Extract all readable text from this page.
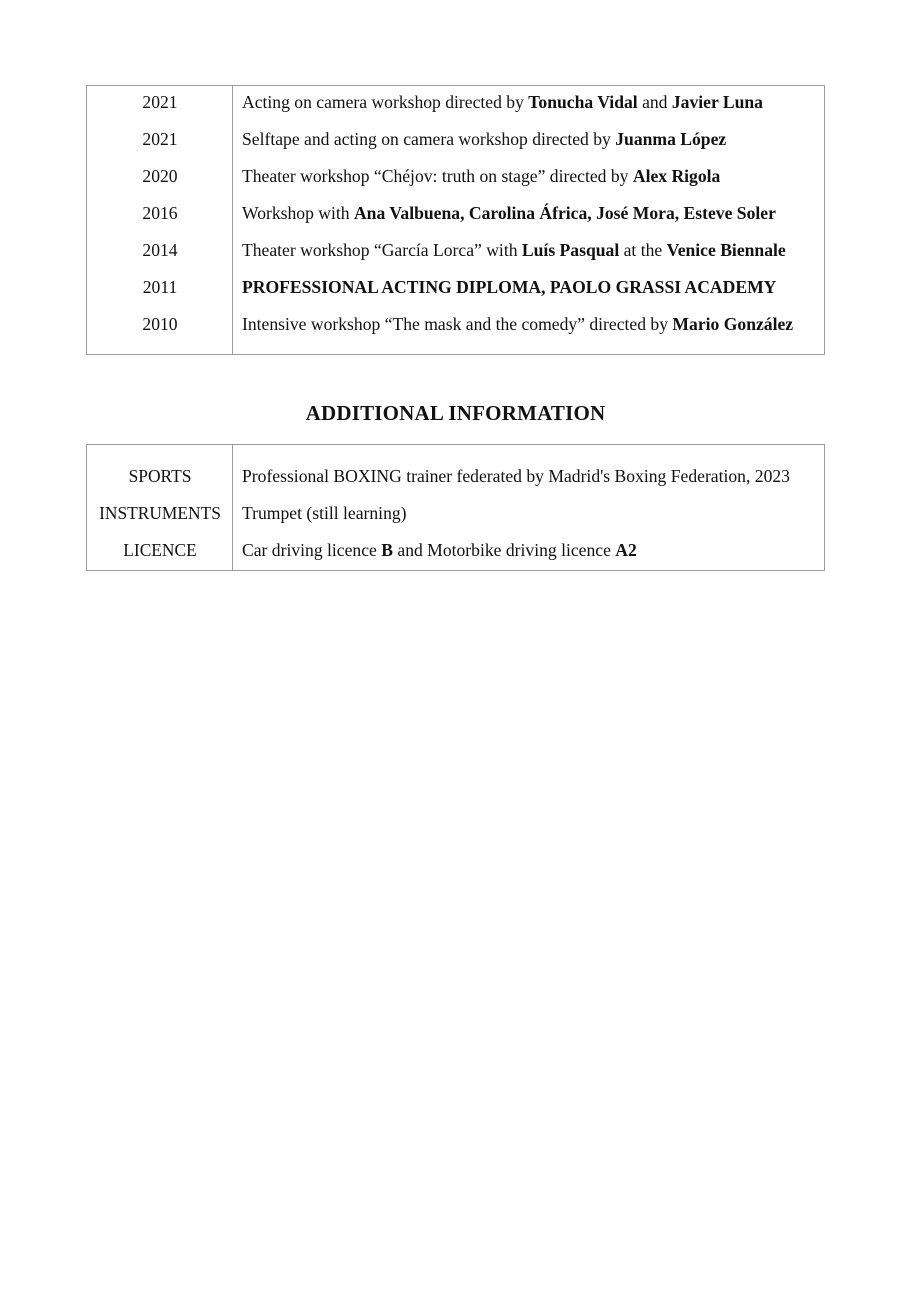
2021	Acting on camera workshop directed by Tonucha Vidal and Javier Luna
2021	Selftape and acting on camera workshop directed by Juanma López
2020	Theater workshop “Chéjov: truth on stage” directed by Alex Rigola
2016	Workshop with Ana Valbuena, Carolina África, José Mora, Esteve Soler
2014	Theater workshop “García Lorca” with Luís Pasqual at the Venice Biennale
2011	PROFESSIONAL ACTING DIPLOMA, PAOLO GRASSI ACADEMY
2010	Intensive workshop “The mask and the comedy” directed by Mario González
ADDITIONAL INFORMATION
SPORTS	Professional BOXING trainer federated by Madrid's Boxing Federation, 2023
INSTRUMENTS	Trumpet (still learning)
LICENCE	Car driving licence B and Motorbike driving licence A2
